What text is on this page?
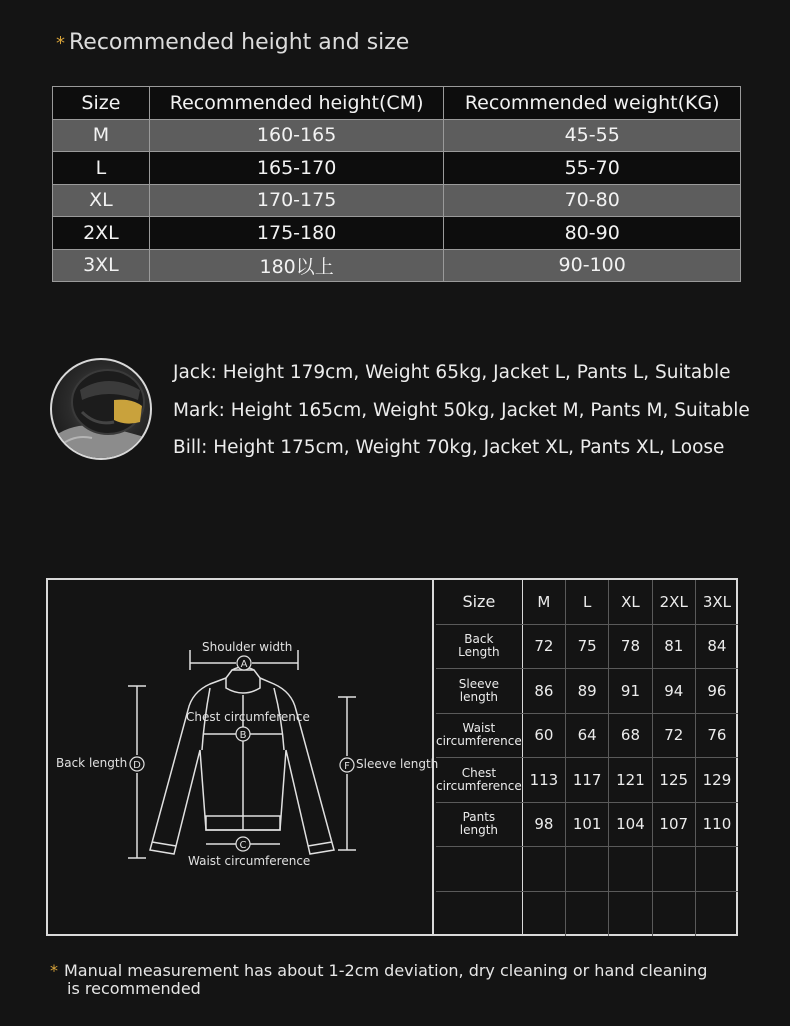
* Recommended height and size
Size	Recommended height(CM)	Recommended weight(KG)
M	160-165	45-55
L	165-170	55-70
XL	170-175	70-80
2XL	175-180	80-90
3XL	180以上	90-100
Jack: Height 179cm, Weight 65kg, Jacket L, Pants L, Suitable
Mark: Height 165cm, Weight 50kg, Jacket M, Pants M, Suitable
Bill: Height 175cm, Weight 70kg, Jacket XL, Pants XL, Loose
A
B
C
D	F
Shoulder width
Chest circumference
Back length	Sleeve length
Waist circumference
Size	M	L	XL	2XL	3XL
Back
Length	72	75	78	81	84
Sleeve
length	86	89	91	94	96
Waist
circumference	60	64	68	72	76
Chest
circumference	113	117	121	125	129
Pants
length	98	101	104	107	110

* Manual measurement has about 1-2cm deviation, dry cleaning or hand cleaning
is recommended
